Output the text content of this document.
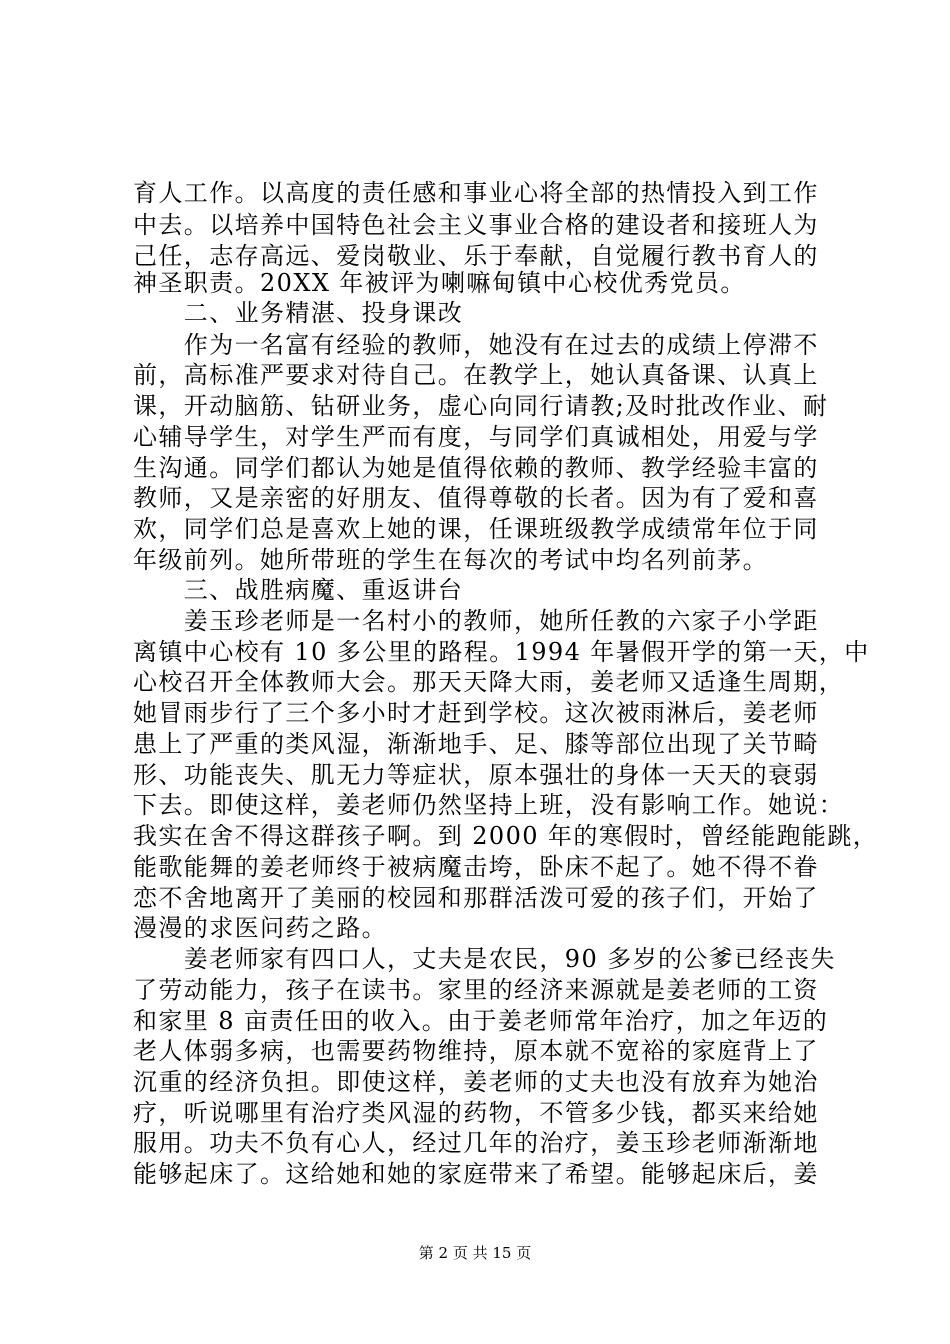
育人工作。以高度的责任感和事业心将全部的热情投入到工作
中去。以培养中国特色社会主义事业合格的建设者和接班人为
己任，志存高远、爱岗敬业、乐于奉献，自觉履行教书育人的
神圣职责。20XX 年被评为喇嘛甸镇中心校优秀党员。
　　二、业务精湛、投身课改
　　作为一名富有经验的教师，她没有在过去的成绩上停滞不
前，高标准严要求对待自己。在教学上，她认真备课、认真上
课，开动脑筋、钻研业务，虚心向同行请教;及时批改作业、耐
心辅导学生，对学生严而有度，与同学们真诚相处，用爱与学
生沟通。同学们都认为她是值得依赖的教师、教学经验丰富的
教师，又是亲密的好朋友、值得尊敬的长者。因为有了爱和喜
欢，同学们总是喜欢上她的课，任课班级教学成绩常年位于同
年级前列。她所带班的学生在每次的考试中均名列前茅。
　　三、战胜病魔、重返讲台
　　姜玉珍老师是一名村小的教师，她所任教的六家子小学距
离镇中心校有 10 多公里的路程。1994 年暑假开学的第一天，中
心校召开全体教师大会。那天天降大雨，姜老师又适逢生周期，
她冒雨步行了三个多小时才赶到学校。这次被雨淋后，姜老师
患上了严重的类风湿，渐渐地手、足、膝等部位出现了关节畸
形、功能丧失、肌无力等症状，原本强壮的身体一天天的衰弱
下去。即使这样，姜老师仍然坚持上班，没有影响工作。她说：
我实在舍不得这群孩子啊。到 2000 年的寒假时，曾经能跑能跳，
能歌能舞的姜老师终于被病魔击垮，卧床不起了。她不得不眷
恋不舍地离开了美丽的校园和那群活泼可爱的孩子们，开始了
漫漫的求医问药之路。
　　姜老师家有四口人，丈夫是农民，90 多岁的公爹已经丧失
了劳动能力，孩子在读书。家里的经济来源就是姜老师的工资
和家里 8 亩责任田的收入。由于姜老师常年治疗，加之年迈的
老人体弱多病，也需要药物维持，原本就不宽裕的家庭背上了
沉重的经济负担。即使这样，姜老师的丈夫也没有放弃为她治
疗，听说哪里有治疗类风湿的药物，不管多少钱，都买来给她
服用。功夫不负有心人，经过几年的治疗，姜玉珍老师渐渐地
能够起床了。这给她和她的家庭带来了希望。能够起床后，姜
第 2 页 共 15 页
